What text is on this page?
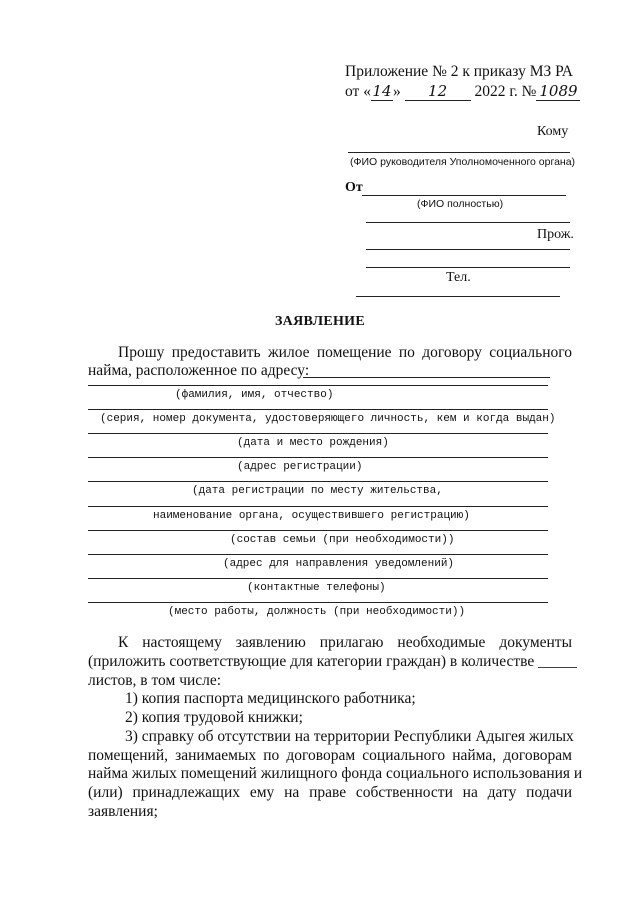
Приложение № 2 к приказу МЗ РА
от «14» 12 2022 г. № 1089
Кому
(ФИО руководителя Уполномоченного органа)
От
(ФИО полностью)
Прож.
Тел.
ЗАЯВЛЕНИЕ
Прошу предоставить жилое помещение по договору социального
найма, расположенное по адресу:
(фамилия, имя, отчество)
(серия, номер документа, удостоверяющего личность, кем и когда выдан)
(дата и место рождения)
(адрес регистрации)
(дата регистрации по месту жительства,
наименование органа, осуществившего регистрацию)
(состав семьи (при необходимости))
(адрес для направления уведомлений)
(контактные телефоны)
(место работы, должность (при необходимости))
К настоящему заявлению прилагаю необходимые документы
(приложить соответствующие для категории граждан) в количестве _____
листов, в том числе:
1) копия паспорта медицинского работника;
2) копия трудовой книжки;
3) справку об отсутствии на территории Республики Адыгея жилых
помещений, занимаемых по договорам социального найма, договорам
найма жилых помещений жилищного фонда социального использования и
(или) принадлежащих ему на праве собственности на дату подачи
заявления;
